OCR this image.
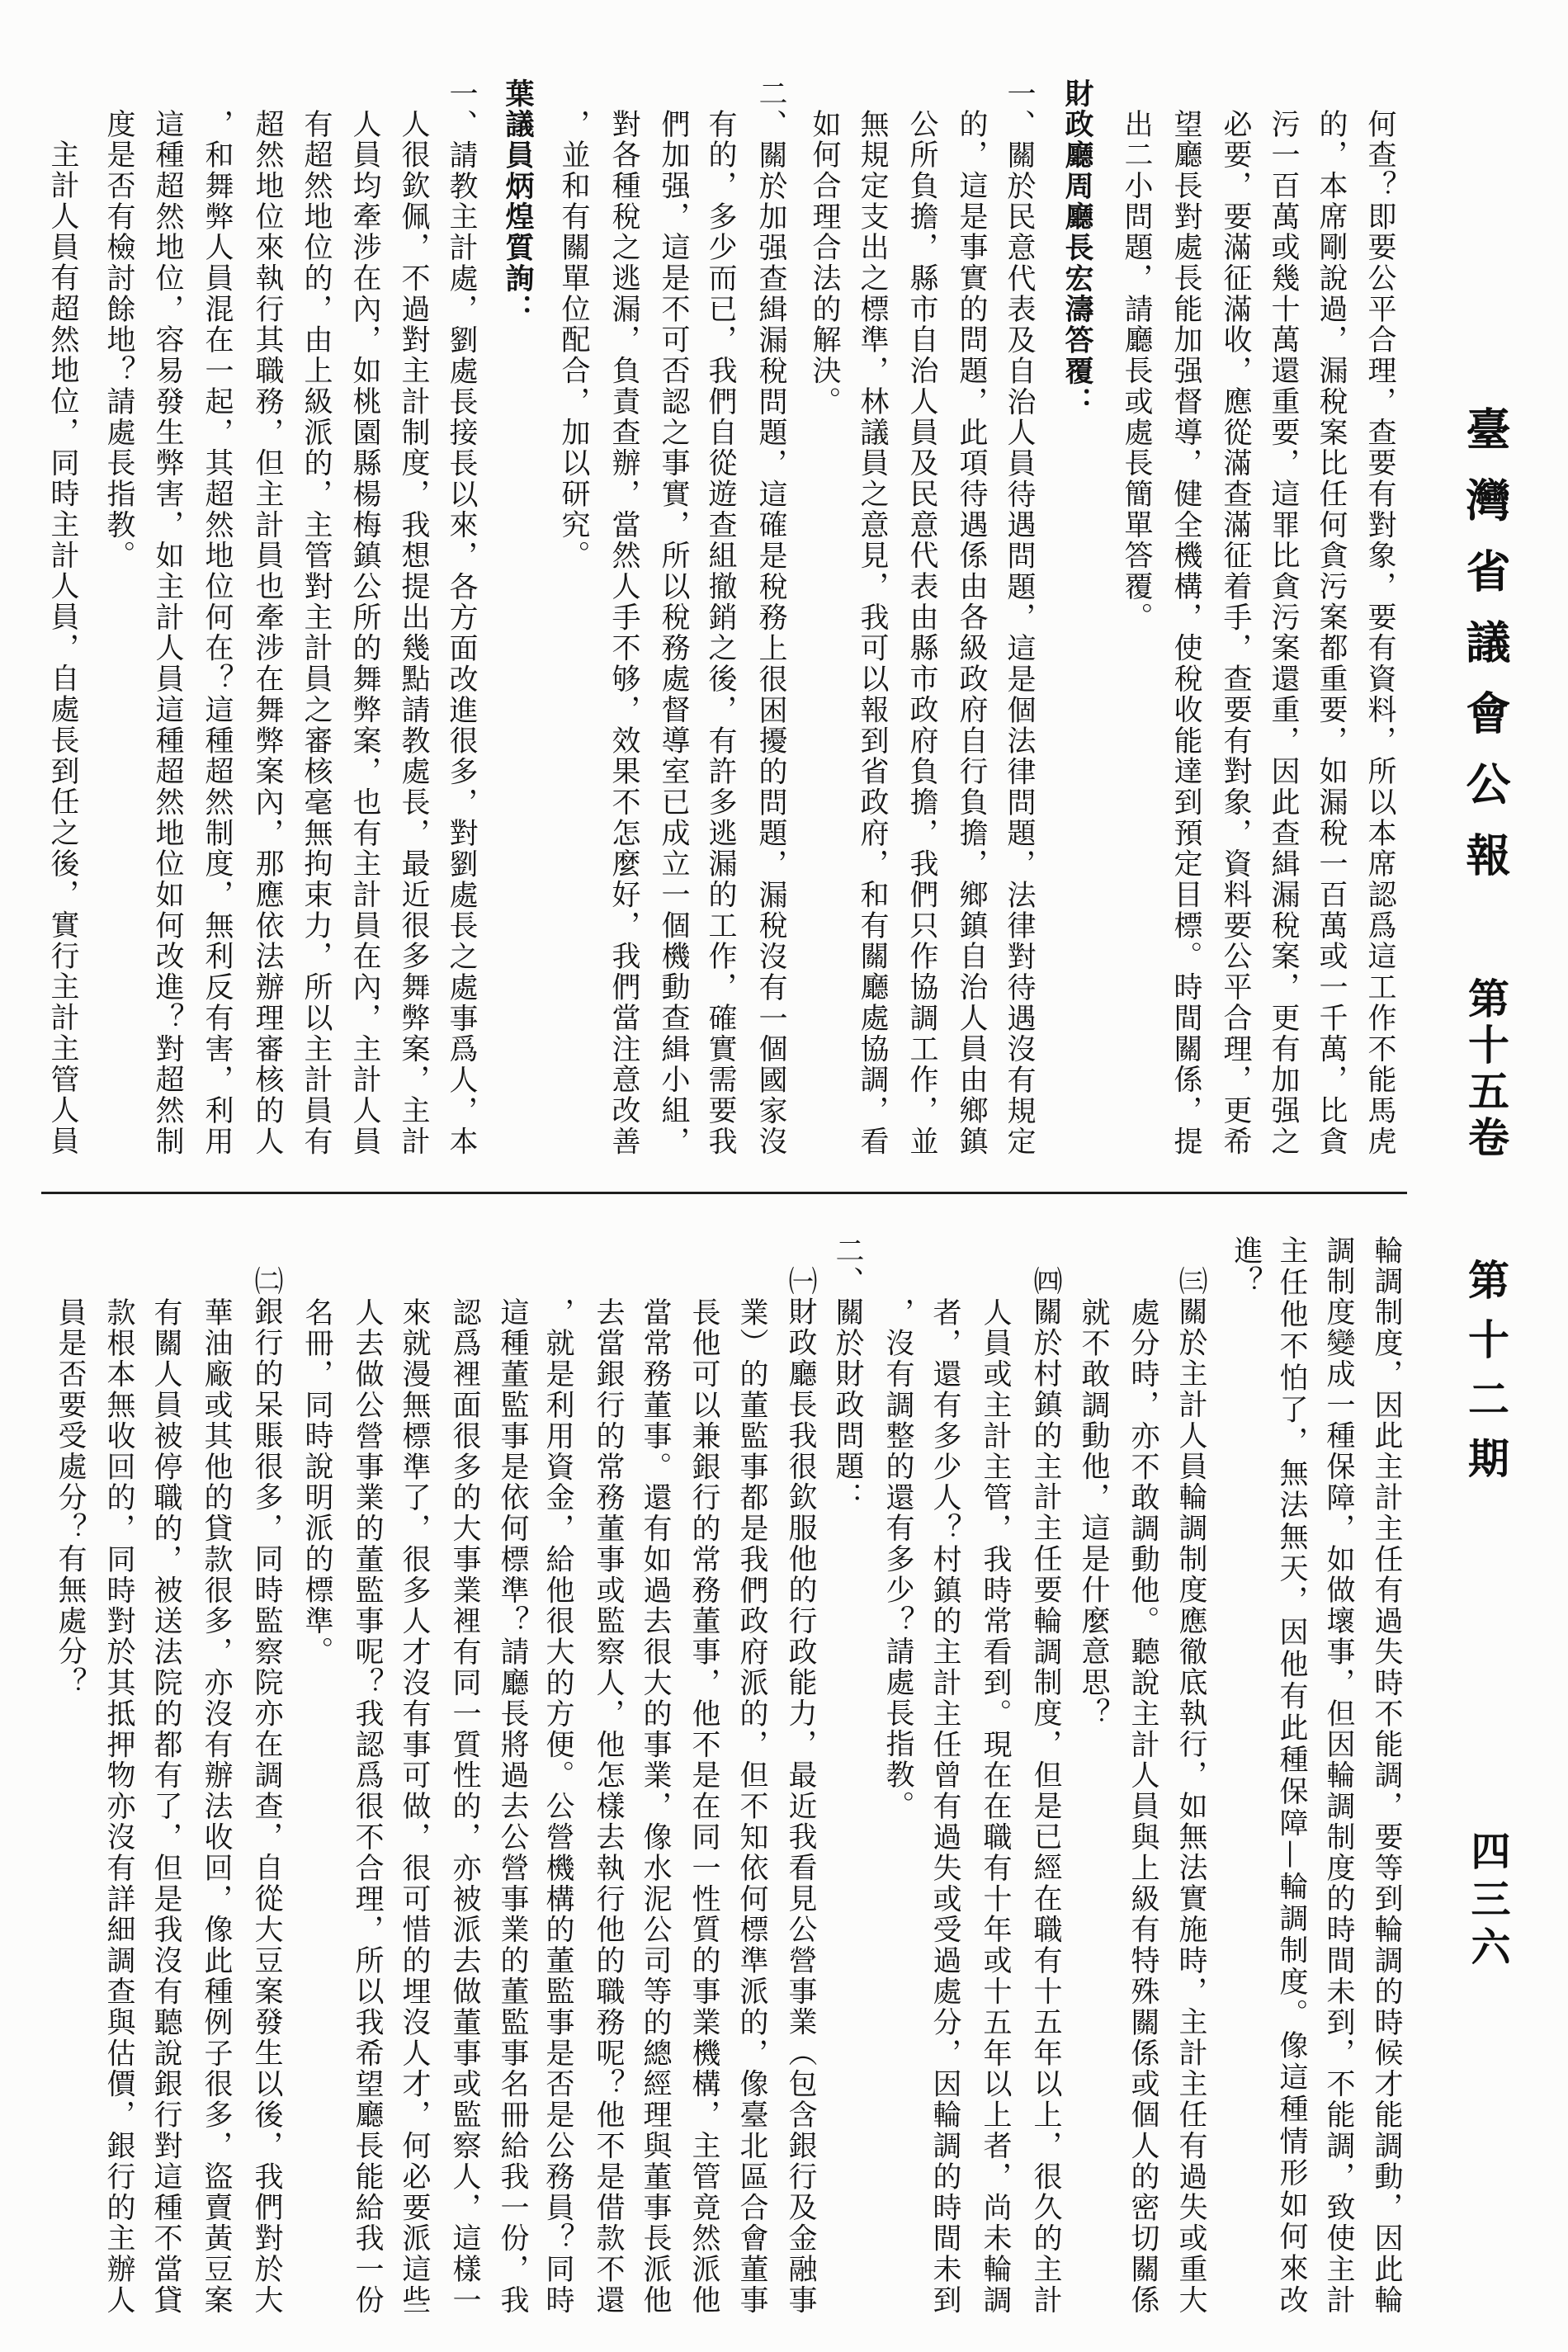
臺灣省議會公報
第十五卷
第十二期
四三六

何查？即要公平合理，查要有對象，要有資料，所以本席認爲這工作不能馬虎

的，本席剛說過，漏稅案比任何貪污案都重要，如漏稅一百萬或一千萬，比貪

污一百萬或幾十萬還重要，這罪比貪污案還重，因此查緝漏稅案，更有加强之

必要，要滿征滿收，應從滿查滿征着手，查要有對象，資料要公平合理，更希

望廳長對處長能加强督導，健全機構，使稅收能達到預定目標。時間關係，提

出二小問題，請廳長或處長簡單答覆。

財政廳周廳長宏濤答覆：

一、關於民意代表及自治人員待遇問題，這是個法律問題，法律對待遇沒有規定

的，這是事實的問題，此項待遇係由各級政府自行負擔，鄉鎮自治人員由鄉鎮

公所負擔，縣市自治人員及民意代表由縣市政府負擔，我們只作協調工作，並

無規定支出之標準，林議員之意見，我可以報到省政府，和有關廳處協調，看

如何合理合法的解決。

二、關於加强查緝漏稅問題，這確是稅務上很困擾的問題，漏稅沒有一個國家沒

有的，多少而已，我們自從遊查組撤銷之後，有許多逃漏的工作，確實需要我

們加强，這是不可否認之事實，所以稅務處督導室已成立一個機動查緝小組，

對各種稅之逃漏，負責查辦，當然人手不够，效果不怎麼好，我們當注意改善

，並和有關單位配合，加以研究。

葉議員炳煌質詢：

一、請教主計處，劉處長接長以來，各方面改進很多，對劉處長之處事爲人，本

人很欽佩，不過對主計制度，我想提出幾點請教處長，最近很多舞弊案，主計

人員均牽涉在內，如桃園縣楊梅鎮公所的舞弊案，也有主計員在內，主計人員

有超然地位的，由上級派的，主管對主計員之審核毫無拘束力，所以主計員有

超然地位來執行其職務，但主計員也牽涉在舞弊案內，那應依法辦理審核的人

，和舞弊人員混在一起，其超然地位何在？這種超然制度，無利反有害，利用

這種超然地位，容易發生弊害，如主計人員這種超然地位如何改進？對超然制

度是否有檢討餘地？請處長指教。

主計人員有超然地位，同時主計人員，自處長到任之後，實行主計主管人員

輪調制度，因此主計主任有過失時不能調，要等到輪調的時候才能調動，因此輪

調制度變成一種保障，如做壞事，但因輪調制度的時間未到，不能調，致使主計

主任他不怕了，無法無天，因他有此種保障—輪調制度。像這種情形如何來改

進？

㈢關於主計人員輪調制度應徹底執行，如無法實施時，主計主任有過失或重大

處分時，亦不敢調動他。聽說主計人員與上級有特殊關係或個人的密切關係

就不敢調動他，這是什麼意思？

㈣關於村鎮的主計主任要輪調制度，但是已經在職有十五年以上，很久的主計

人員或主計主管，我時常看到。現在在職有十年或十五年以上者，尚未輪調

者，還有多少人？村鎮的主計主任曾有過失或受過處分，因輪調的時間未到

，沒有調整的還有多少？請處長指教。

二、關於財政問題：

㈠財政廳長我很欽服他的行政能力，最近我看見公營事業（包含銀行及金融事

業）的董監事都是我們政府派的，但不知依何標準派的，像臺北區合會董事

長他可以兼銀行的常務董事，他不是在同一性質的事業機構，主管竟然派他

當常務董事。還有如過去很大的事業，像水泥公司等的總經理與董事長派他

去當銀行的常務董事或監察人，他怎樣去執行他的職務呢？他不是借款不還

，就是利用資金，給他很大的方便。公營機構的董監事是否是公務員？同時

這種董監事是依何標準？請廳長將過去公營事業的董監事名冊給我一份，我

認爲裡面很多的大事業裡有同一質性的，亦被派去做董事或監察人，這樣一

來就漫無標準了，很多人才沒有事可做，很可惜的埋沒人才，何必要派這些

人去做公營事業的董監事呢？我認爲很不合理，所以我希望廳長能給我一份

名冊，同時說明派的標準。

㈡銀行的呆賬很多，同時監察院亦在調查，自從大豆案發生以後，我們對於大

華油廠或其他的貸款很多，亦沒有辦法收回，像此種例子很多，盜賣黃豆案

有關人員被停職的，被送法院的都有了，但是我沒有聽說銀行對這種不當貸

款根本無收回的，同時對於其抵押物亦沒有詳細調查與估價，銀行的主辦人

員是否要受處分？有無處分？
